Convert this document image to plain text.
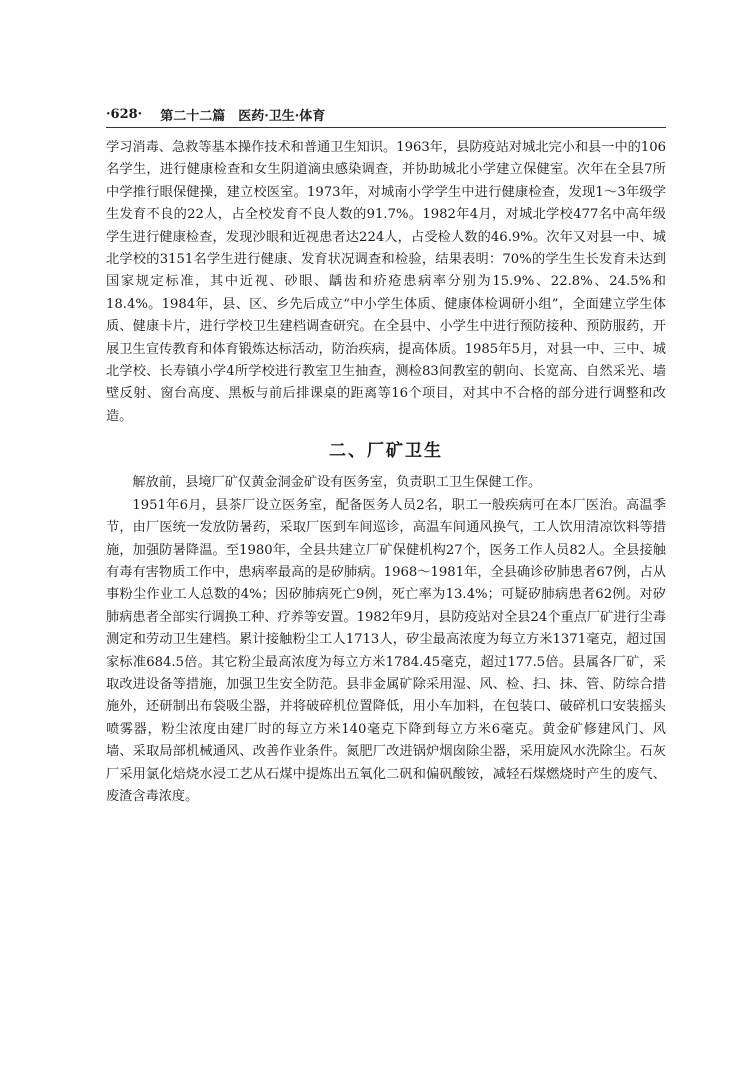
·628· 第二十二篇　医药·卫生·体育

学习消毒、急救等基本操作技术和普通卫生知识。1963年，县防疫站对城北完小和县一中的106名学生，进行健康检查和女生阴道滴虫感染调查，并协助城北小学建立保健室。次年在全县7所中学推行眼保健操，建立校医室。1973年，对城南小学学生中进行健康检查，发现1～3年级学生发育不良的22人，占全校发育不良人数的91.7%。1982年4月，对城北学校477名中高年级学生进行健康检查，发现沙眼和近视患者达224人，占受检人数的46.9%。次年又对县一中、城北学校的3151名学生进行健康、发育状况调查和检验，结果表明：70%的学生生长发育未达到国家规定标准，其中近视、砂眼、龋齿和疥疮患病率分别为15.9%、22.8%、24.5%和18.4%。1984年，县、区、乡先后成立“中小学生体质、健康体检调研小组”，全面建立学生体质、健康卡片，进行学校卫生建档调查研究。在全县中、小学生中进行预防接种、预防服药，开展卫生宣传教育和体育锻炼达标活动，防治疾病，提高体质。1985年5月，对县一中、三中、城北学校、长寿镇小学4所学校进行教室卫生抽查，测检83间教室的朝向、长宽高、自然采光、墙壁反射、窗台高度、黑板与前后排课桌的距离等16个项目，对其中不合格的部分进行调整和改造。

二、厂矿卫生

解放前，县境厂矿仅黄金洞金矿设有医务室，负责职工卫生保健工作。

1951年6月，县茶厂设立医务室，配备医务人员2名，职工一般疾病可在本厂医治。高温季节，由厂医统一发放防暑药，采取厂医到车间巡诊，高温车间通风换气，工人饮用清凉饮料等措施，加强防暑降温。至1980年，全县共建立厂矿保健机构27个，医务工作人员82人。全县接触有毒有害物质工作中，患病率最高的是矽肺病。1968～1981年，全县确诊矽肺患者67例，占从事粉尘作业工人总数的4%；因矽肺病死亡9例，死亡率为13.4%；可疑矽肺病患者62例。对矽肺病患者全部实行调换工种、疗养等安置。1982年9月，县防疫站对全县24个重点厂矿进行尘毒测定和劳动卫生建档。累计接触粉尘工人1713人，矽尘最高浓度为每立方米1371毫克，超过国家标准684.5倍。其它粉尘最高浓度为每立方米1784.45毫克，超过177.5倍。县属各厂矿，采取改进设备等措施，加强卫生安全防范。县非金属矿除采用湿、风、检、扫、抹、管、防综合措施外，还研制出布袋吸尘器，并将破碎机位置降低，用小车加料，在包装口、破碎机口安装摇头喷雾器，粉尘浓度由建厂时的每立方米140毫克下降到每立方米6毫克。黄金矿修建风门、风墙、采取局部机械通风、改善作业条件。氮肥厂改进锅炉烟囱除尘器，采用旋风水洗除尘。石灰厂采用氯化焙烧水浸工艺从石煤中提炼出五氧化二矾和偏矾酸铵，减轻石煤燃烧时产生的废气、废渣含毒浓度。
